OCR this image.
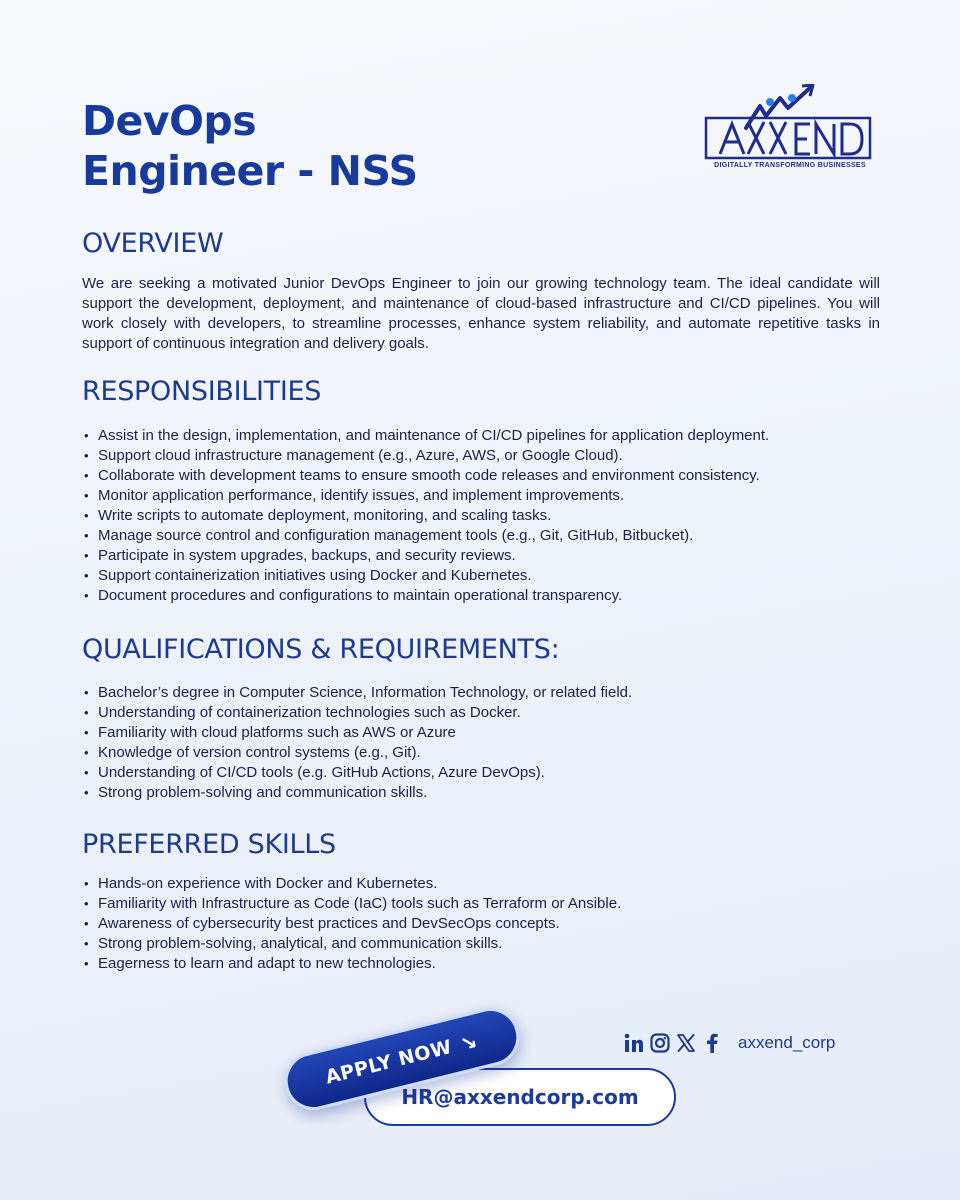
DevOps
Engineer - NSS	DIGITALLY TRANSFORMING BUSINESSES
OVERVIEW

We are seeking a motivated Junior DevOps Engineer to join our growing technology team. The ideal candidate will support the development, deployment, and maintenance of cloud-based infrastructure and CI/CD pipelines. You will work closely with developers, to streamline processes, enhance system reliability, and automate repetitive tasks in support of continuous integration and delivery goals.

RESPONSIBILITIES
• Assist in the design, implementation, and maintenance of CI/CD pipelines for application deployment.
• Support cloud infrastructure management (e.g., Azure, AWS, or Google Cloud).
• Collaborate with development teams to ensure smooth code releases and environment consistency.
• Monitor application performance, identify issues, and implement improvements.
• Write scripts to automate deployment, monitoring, and scaling tasks.
• Manage source control and configuration management tools (e.g., Git, GitHub, Bitbucket).
• Participate in system upgrades, backups, and security reviews.
• Support containerization initiatives using Docker and Kubernetes.
• Document procedures and configurations to maintain operational transparency.
QUALIFICATIONS & REQUIREMENTS:
• Bachelor’s degree in Computer Science, Information Technology, or related field.
• Understanding of containerization technologies such as Docker.
• Familiarity with cloud platforms such as AWS or Azure
• Knowledge of version control systems (e.g., Git).
• Understanding of CI/CD tools (e.g. GitHub Actions, Azure DevOps).
• Strong problem-solving and communication skills.
PREFERRED SKILLS
• Hands-on experience with Docker and Kubernetes.
• Familiarity with Infrastructure as Code (IaC) tools such as Terraform or Ansible.
• Awareness of cybersecurity best practices and DevSecOps concepts.
• Strong problem-solving, analytical, and communication skills.
• Eagerness to learn and adapt to new technologies.
HR@axxendcorp.com
APPLY NOW →	axxend_corp
